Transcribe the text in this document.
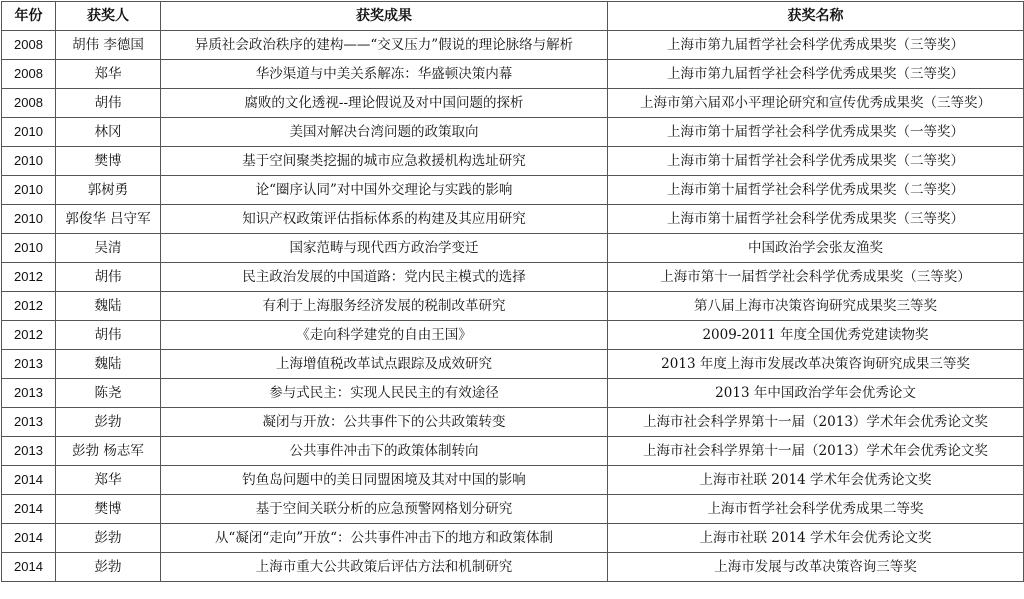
年份	获奖人	获奖成果	获奖名称
2008	胡伟 李德国	异质社会政治秩序的建构——“交叉压力”假说的理论脉络与解析	上海市第九届哲学社会科学优秀成果奖（三等奖）
2008	郑华	华沙渠道与中美关系解冻：华盛顿决策内幕	上海市第九届哲学社会科学优秀成果奖（三等奖）
2008	胡伟	腐败的文化透视--理论假说及对中国问题的探析	上海市第六届邓小平理论研究和宣传优秀成果奖（三等奖）
2010	林冈	美国对解决台湾问题的政策取向	上海市第十届哲学社会科学优秀成果奖（一等奖）
2010	樊博	基于空间聚类挖掘的城市应急救援机构选址研究	上海市第十届哲学社会科学优秀成果奖（二等奖）
2010	郭树勇	论“圈序认同”对中国外交理论与实践的影响	上海市第十届哲学社会科学优秀成果奖（二等奖）
2010	郭俊华 吕守军	知识产权政策评估指标体系的构建及其应用研究	上海市第十届哲学社会科学优秀成果奖（三等奖）
2010	吴清	国家范畴与现代西方政治学变迁	中国政治学会张友渔奖
2012	胡伟	民主政治发展的中国道路：党内民主模式的选择	上海市第十一届哲学社会科学优秀成果奖（三等奖）
2012	魏陆	有利于上海服务经济发展的税制改革研究	第八届上海市决策咨询研究成果奖三等奖
2012	胡伟	《走向科学建党的自由王国》	2009-2011 年度全国优秀党建读物奖
2013	魏陆	上海增值税改革试点跟踪及成效研究	2013 年度上海市发展改革决策咨询研究成果三等奖
2013	陈尧	参与式民主：实现人民民主的有效途径	2013 年中国政治学年会优秀论文
2013	彭勃	凝闭与开放：公共事件下的公共政策转变	上海市社会科学界第十一届（2013）学术年会优秀论文奖
2013	彭勃 杨志军	公共事件冲击下的政策体制转向	上海市社会科学界第十一届（2013）学术年会优秀论文奖
2014	郑华	钓鱼岛问题中的美日同盟困境及其对中国的影响	上海市社联 2014 学术年会优秀论文奖
2014	樊博	基于空间关联分析的应急预警网格划分研究	上海市哲学社会科学优秀成果二等奖
2014	彭勃	从“凝闭“走向”开放“：公共事件冲击下的地方和政策体制	上海市社联 2014 学术年会优秀论文奖
2014	彭勃	上海市重大公共政策后评估方法和机制研究	上海市发展与改革决策咨询三等奖
